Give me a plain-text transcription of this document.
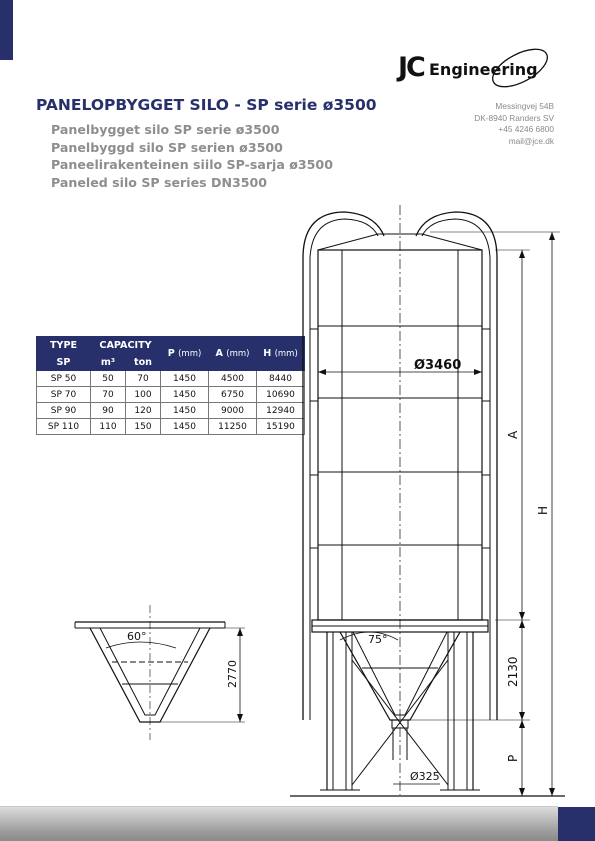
JC Engineering
Messingvej 54B
DK-8940 Randers SV
+45 4246 6800
mail@jce.dk
PANELOPBYGGET SILO - SP serie ø3500
Panelbygget silo SP serie ø3500
Panelbyggd silo SP serien ø3500
Paneelirakenteinen siilo SP-sarja ø3500
Paneled silo SP series DN3500
TYPE	CAPACITY		P (mm)	A (mm)	H (mm)
SP	m³	ton			
SP 50	50	70	1450	4500	8440
SP 70	70	100	1450	6750	10690
SP 90	90	120	1450	9000	12940
SP 110	110	150	1450	11250	15190
Ø3460
75°
Ø325
A
H
2130
P
60°
2770
